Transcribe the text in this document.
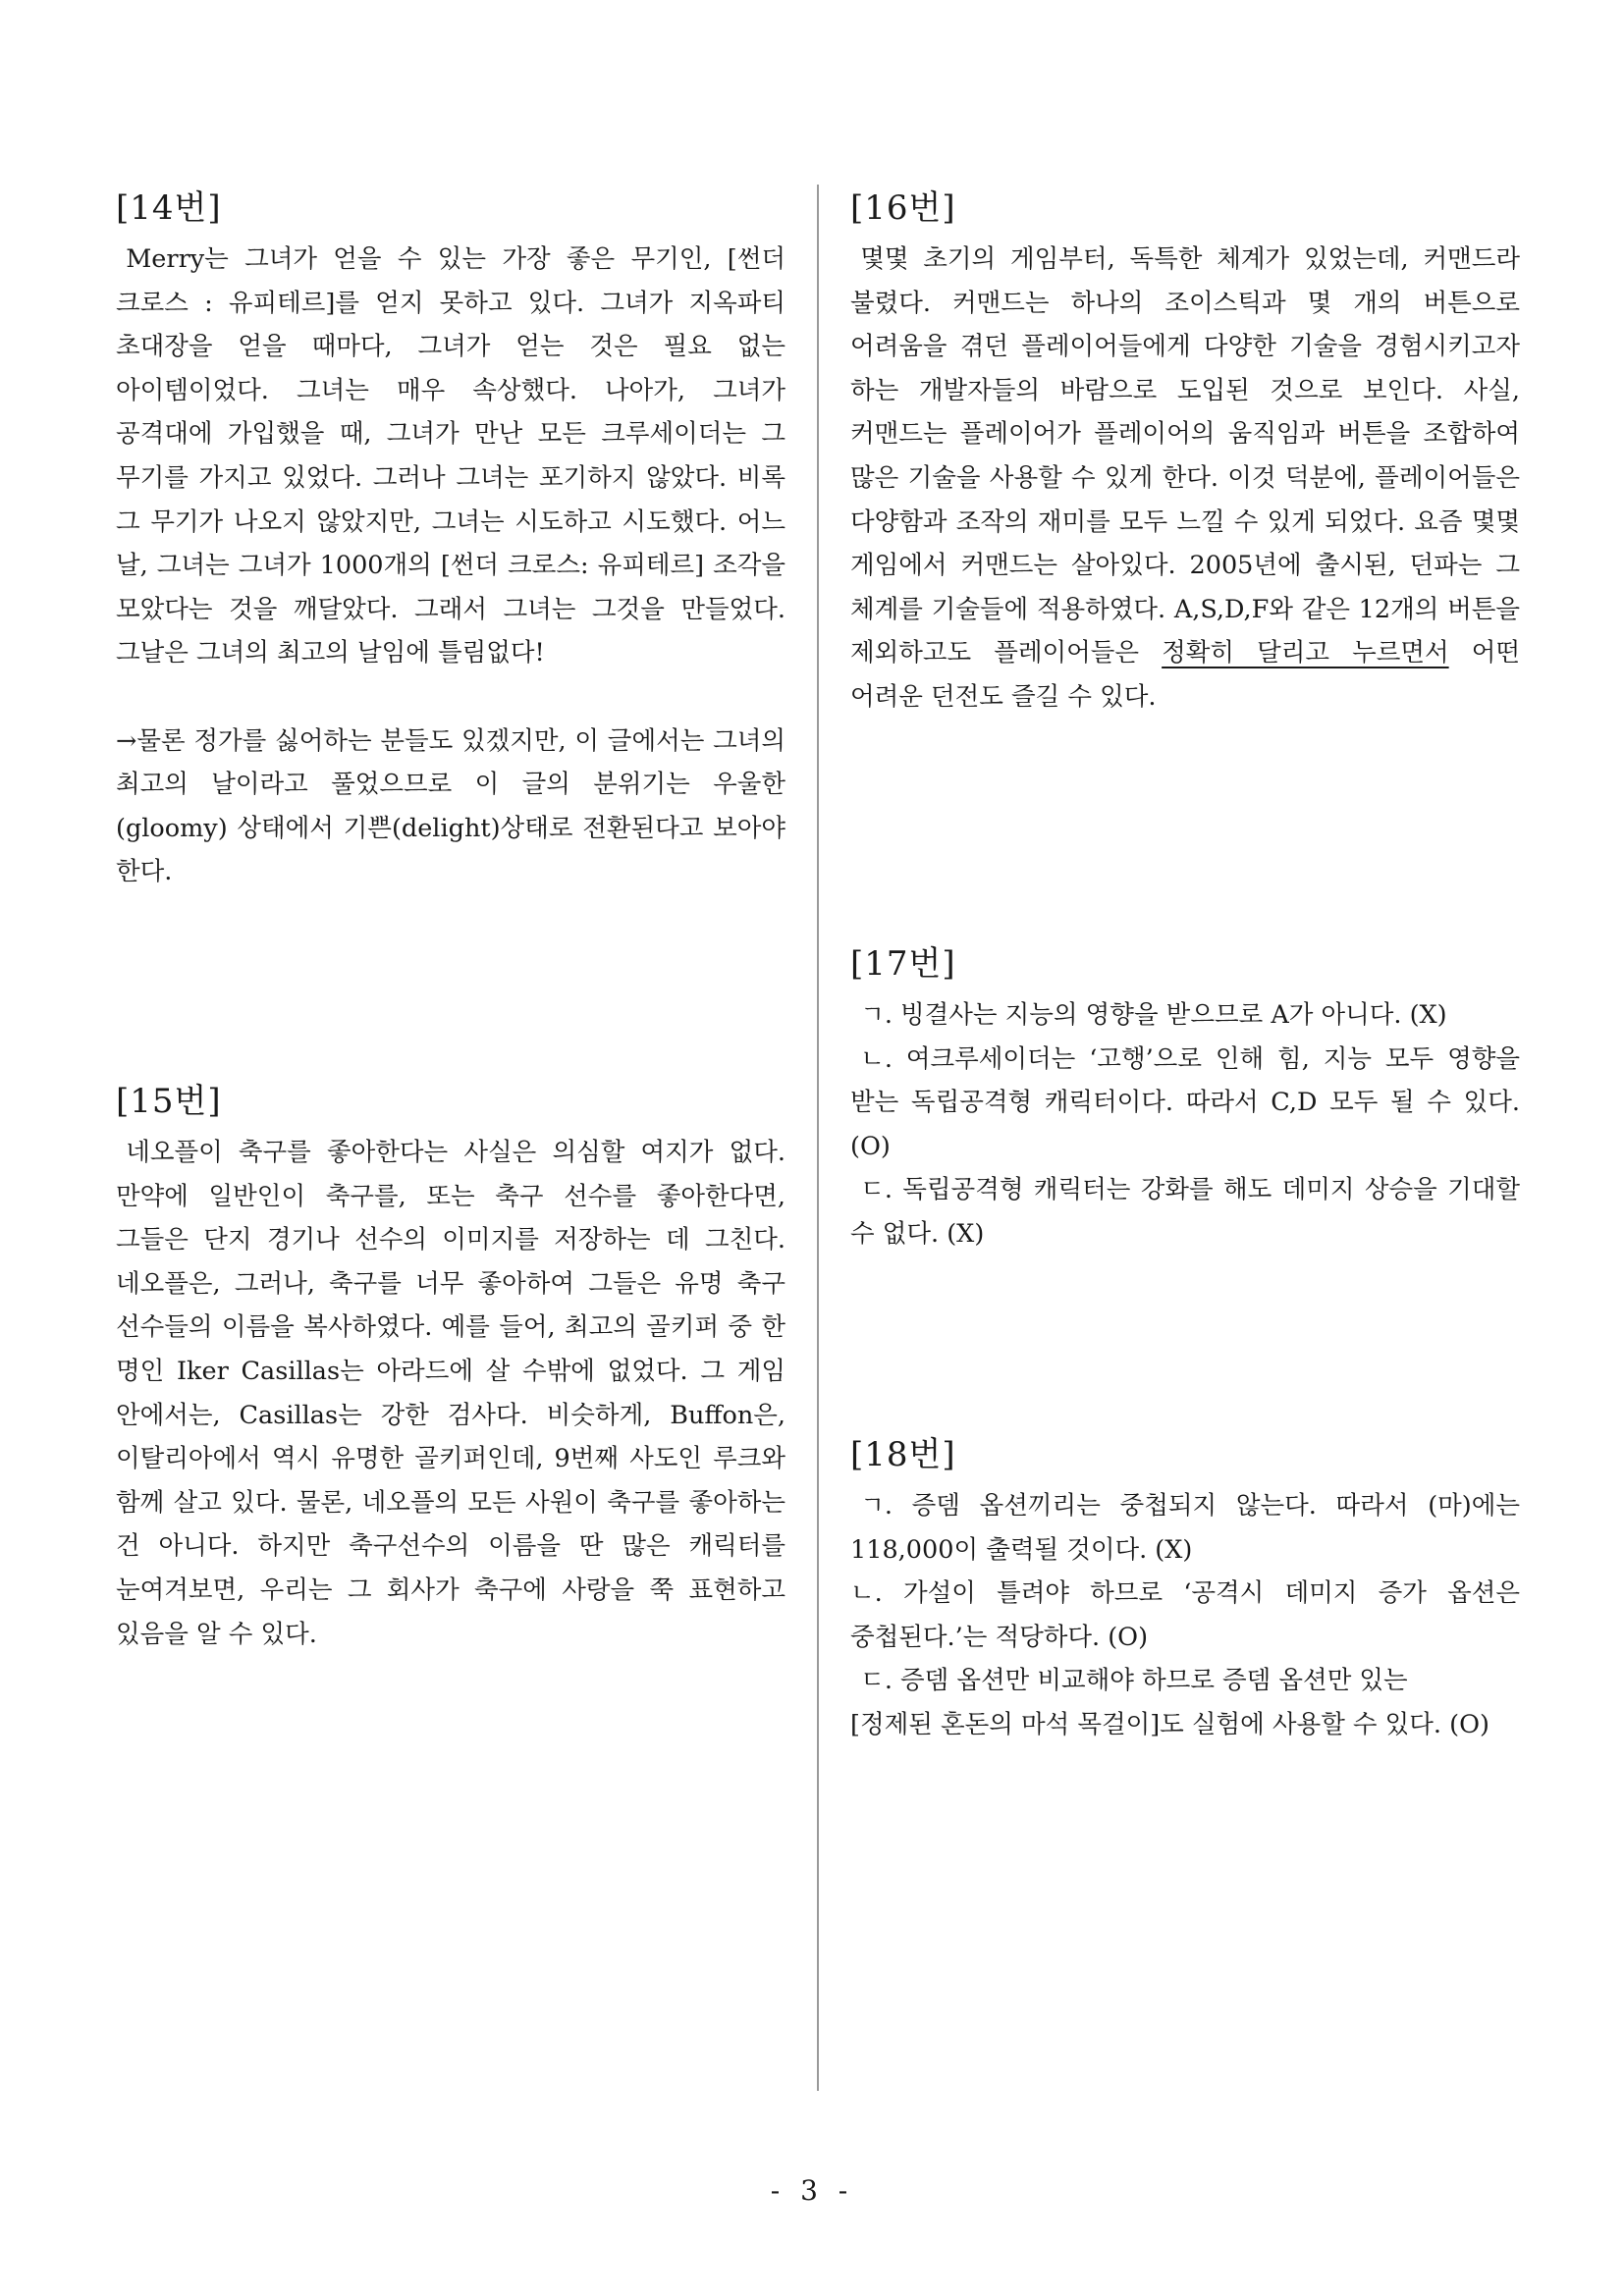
[14번]

Merry는 그녀가 얻을 수 있는 가장 좋은 무기인, [썬더 크로스 : 유피테르]를 얻지 못하고 있다. 그녀가 지옥파티 초대장을 얻을 때마다, 그녀가 얻는 것은 필요 없는 아이템이었다. 그녀는 매우 속상했다. 나아가, 그녀가 공격대에 가입했을 때, 그녀가 만난 모든 크루세이더는 그 무기를 가지고 있었다. 그러나 그녀는 포기하지 않았다. 비록 그 무기가 나오지 않았지만, 그녀는 시도하고 시도했다. 어느 날, 그녀는 그녀가 1000개의 [썬더 크로스: 유피테르] 조각을 모았다는 것을 깨달았다. 그래서 그녀는 그것을 만들었다. 그날은 그녀의 최고의 날임에 틀림없다!

→물론 정가를 싫어하는 분들도 있겠지만, 이 글에서는 그녀의 최고의 날이라고 풀었으므로 이 글의 분위기는 우울한(gloomy) 상태에서 기쁜(delight)상태로 전환된다고 보아야 한다.

[15번]

네오플이 축구를 좋아한다는 사실은 의심할 여지가 없다. 만약에 일반인이 축구를, 또는 축구 선수를 좋아한다면, 그들은 단지 경기나 선수의 이미지를 저장하는 데 그친다. 네오플은, 그러나, 축구를 너무 좋아하여 그들은 유명 축구 선수들의 이름을 복사하였다. 예를 들어, 최고의 골키퍼 중 한 명인 Iker Casillas는 아라드에 살 수밖에 없었다. 그 게임 안에서는, Casillas는 강한 검사다. 비슷하게, Buffon은, 이탈리아에서 역시 유명한 골키퍼인데, 9번째 사도인 루크와 함께 살고 있다. 물론, 네오플의 모든 사원이 축구를 좋아하는 건 아니다. 하지만 축구선수의 이름을 딴 많은 캐릭터를 눈여겨보면, 우리는 그 회사가 축구에 사랑을 쭉 표현하고 있음을 알 수 있다.

[16번]

몇몇 초기의 게임부터, 독특한 체계가 있었는데, 커맨드라 불렸다. 커맨드는 하나의 조이스틱과 몇 개의 버튼으로 어려움을 겪던 플레이어들에게 다양한 기술을 경험시키고자 하는 개발자들의 바람으로 도입된 것으로 보인다. 사실, 커맨드는 플레이어가 플레이어의 움직임과 버튼을 조합하여 많은 기술을 사용할 수 있게 한다. 이것 덕분에, 플레이어들은 다양함과 조작의 재미를 모두 느낄 수 있게 되었다. 요즘 몇몇 게임에서 커맨드는 살아있다. 2005년에 출시된, 던파는 그 체계를 기술들에 적용하였다. A,S,D,F와 같은 12개의 버튼을 제외하고도 플레이어들은 정확히 달리고 누르면서 어떤 어려운 던전도 즐길 수 있다.

[17번]

ㄱ. 빙결사는 지능의 영향을 받으므로 A가 아니다. (X)

ㄴ. 여크루세이더는 ‘고행’으로 인해 힘, 지능 모두 영향을 받는 독립공격형 캐릭터이다. 따라서 C,D 모두 될 수 있다. (O)

ㄷ. 독립공격형 캐릭터는 강화를 해도 데미지 상승을 기대할 수 없다. (X)

[18번]

ㄱ. 증뎀 옵션끼리는 중첩되지 않는다. 따라서 (마)에는 118,000이 출력될 것이다. (X)

ㄴ. 가설이 틀려야 하므로 ‘공격시 데미지 증가 옵션은 중첩된다.’는 적당하다. (O)

ㄷ. 증뎀 옵션만 비교해야 하므로 증뎀 옵션만 있는

[정제된 혼돈의 마석 목걸이]도 실험에 사용할 수 있다. (O)

- 3 -
